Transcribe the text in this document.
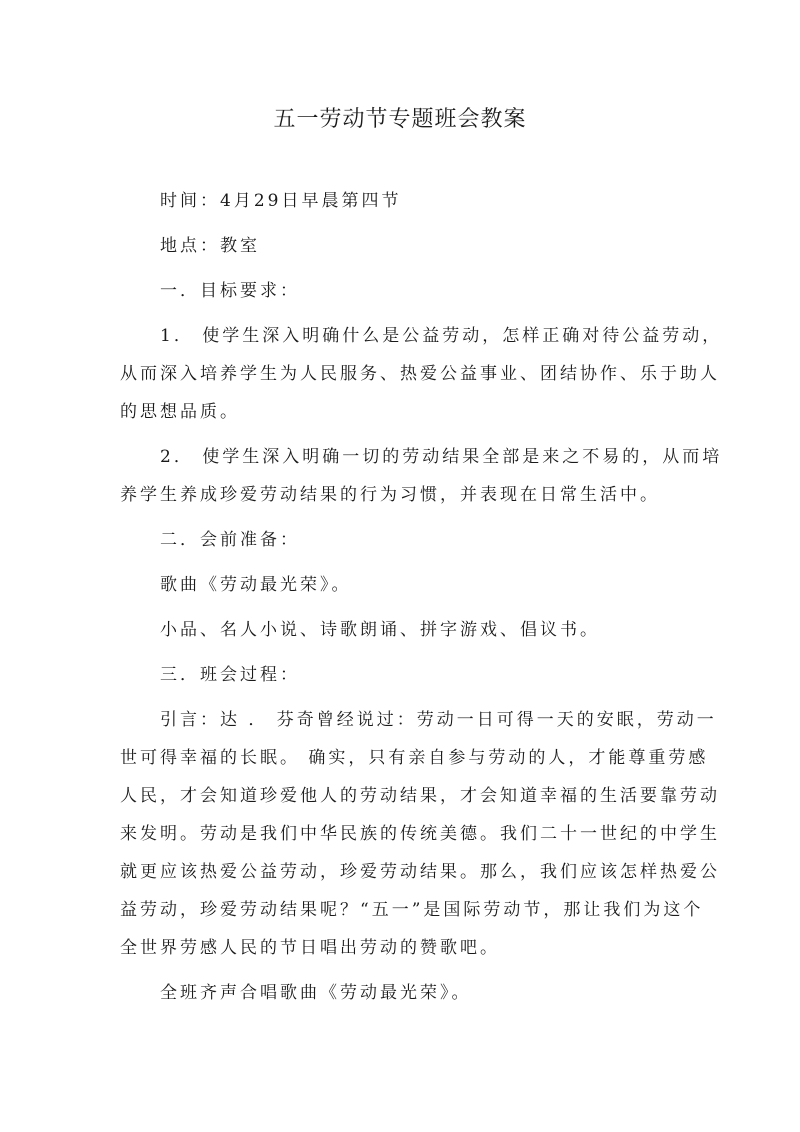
五一劳动节专题班会教案
时间：4月29日早晨第四节
地点：教室
一．目标要求：
1． 使学生深入明确什么是公益劳动，怎样正确对待公益劳动，
从而深入培养学生为人民服务、热爱公益事业、团结协作、乐于助人
的思想品质。
2． 使学生深入明确一切的劳动结果全部是来之不易的，从而培
养学生养成珍爱劳动结果的行为习惯，并表现在日常生活中。
二．会前准备：
歌曲《劳动最光荣》。
小品、名人小说、诗歌朗诵、拼字游戏、倡议书。
三．班会过程：
引言：达 ． 芬奇曾经说过：劳动一日可得一天的安眠，劳动一
世可得幸福的长眠。 确实，只有亲自参与劳动的人，才能尊重劳感
人民，才会知道珍爱他人的劳动结果，才会知道幸福的生活要靠劳动
来发明。劳动是我们中华民族的传统美德。我们二十一世纪的中学生
就更应该热爱公益劳动，珍爱劳动结果。那么，我们应该怎样热爱公
益劳动，珍爱劳动结果呢？“五一”是国际劳动节，那让我们为这个
全世界劳感人民的节日唱出劳动的赞歌吧。
全班齐声合唱歌曲《劳动最光荣》。
